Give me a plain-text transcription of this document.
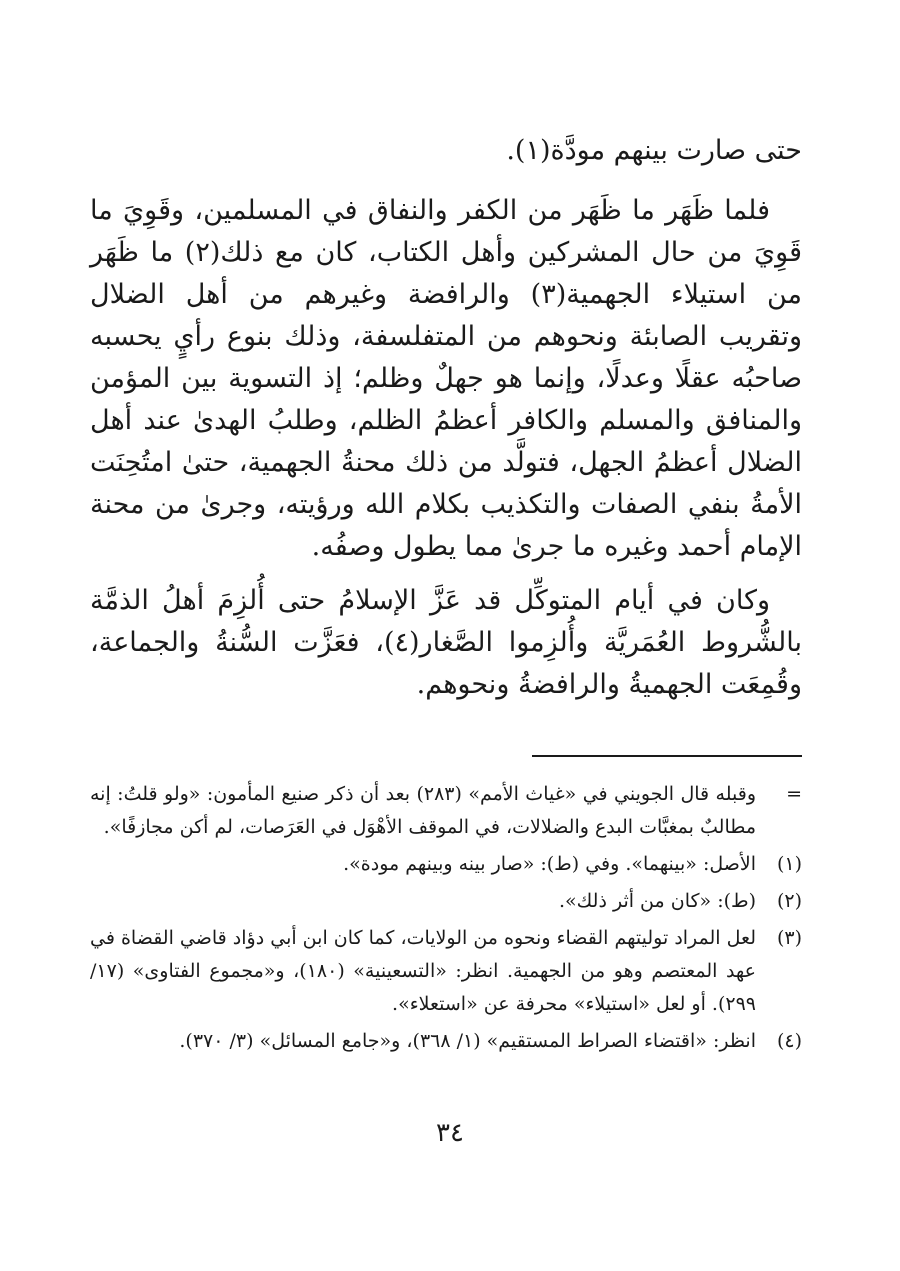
حتى صارت بينهم مودَّة(١).

فلما ظَهَر ما ظَهَر من الكفر والنفاق في المسلمين، وقَوِيَ ما قَوِيَ من حال المشركين وأهل الكتاب، كان مع ذلك(٢) ما ظَهَر من استيلاء الجهمية(٣) والرافضة وغيرهم من أهل الضلال وتقريب الصابئة ونحوهم من المتفلسفة، وذلك بنوع رأيٍ يحسبه صاحبُه عقلًا وعدلًا، وإنما هو جهلٌ وظلم؛ إذ التسوية بين المؤمن والمنافق والمسلم والكافر أعظمُ الظلم، وطلبُ الهدىٰ عند أهل الضلال أعظمُ الجهل، فتولَّد من ذلك محنةُ الجهمية، حتىٰ امتُحِنَت الأمةُ بنفي الصفات والتكذيب بكلام الله ورؤيته، وجرىٰ من محنة الإمام أحمد وغيره ما جرىٰ مما يطول وصفُه.

وكان في أيام المتوكِّل قد عَزَّ الإسلامُ حتى أُلزِمَ أهلُ الذمَّة بالشُّروط العُمَريَّة وأُلزِموا الصَّغار(٤)، فعَزَّت السُّنةُ والجماعة، وقُمِعَت الجهميةُ والرافضةُ ونحوهم.

=
وقبله قال الجويني في «غياث الأمم» (٢٨٣) بعد أن ذكر صنيع المأمون: «ولو قلتُ: إنه مطالبٌ بمغبَّات البدع والضلالات، في الموقف الأهْوَل في العَرَصات، لم أكن مجازفًا».
(١)
الأصل: «بينهما». وفي (ط): «صار بينه وبينهم مودة».
(٢)
(ط): «كان من أثر ذلك».
(٣)
لعل المراد توليتهم القضاء ونحوه من الولايات، كما كان ابن أبي دؤاد قاضي القضاة في عهد المعتصم وهو من الجهمية. انظر: «التسعينية» (١٨٠)، و«مجموع الفتاوى» (١٧/ ٢٩٩). أو لعل «استيلاء» محرفة عن «استعلاء».
(٤)
انظر: «اقتضاء الصراط المستقيم» (١/ ٣٦٨)، و«جامع المسائل» (٣/ ٣٧٠).
٣٤
